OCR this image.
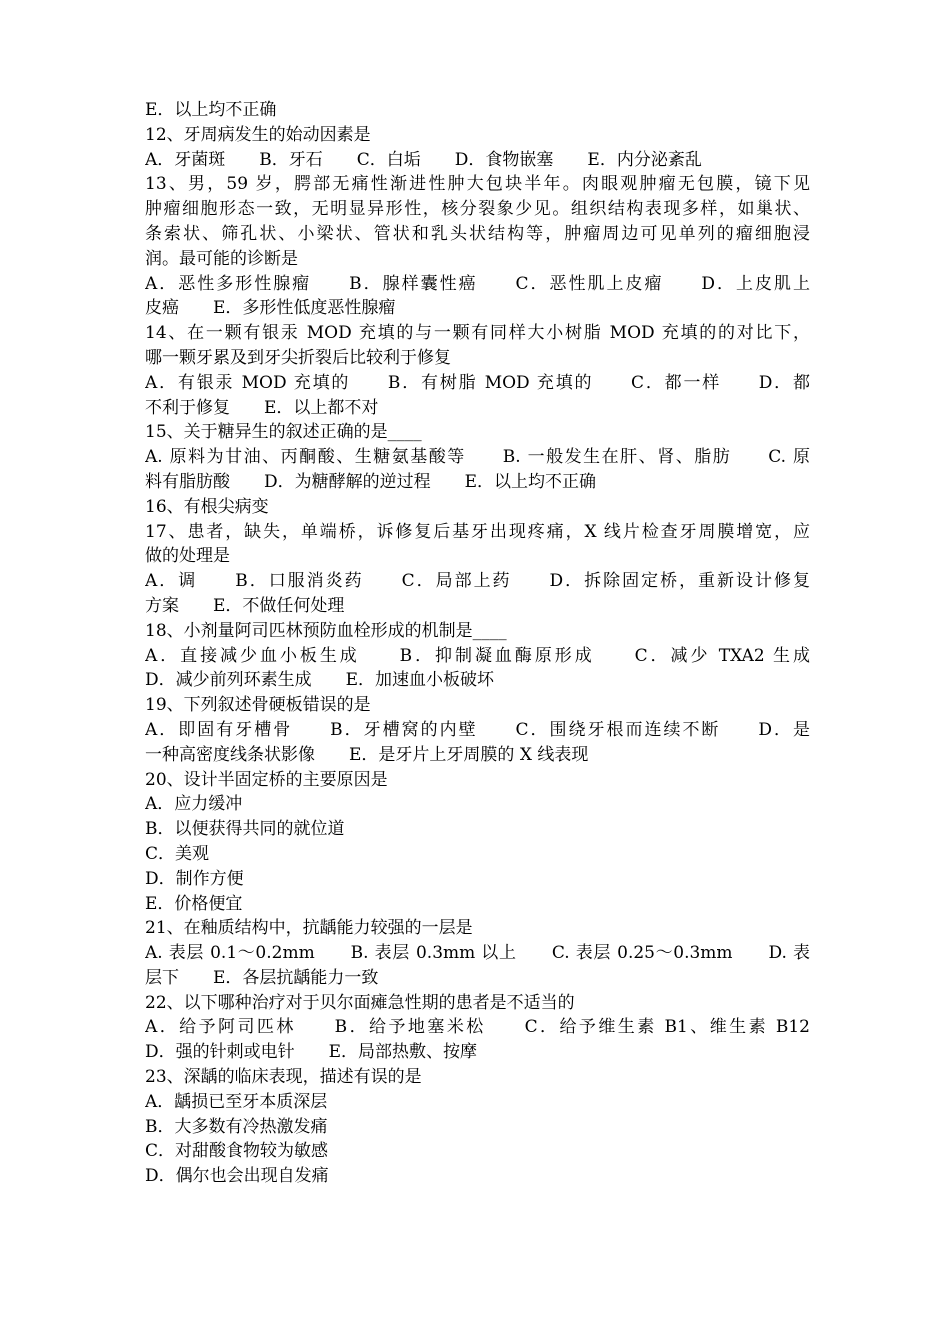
E．以上均不正确
12、牙周病发生的始动因素是
A．牙菌斑　　B．牙石　　C．白垢　　D．食物嵌塞　　E．内分泌紊乱
13、男，59 岁，腭部无痛性渐进性肿大包块半年。肉眼观肿瘤无包膜，镜下见
肿瘤细胞形态一致，无明显异形性，核分裂象少见。组织结构表现多样，如巢状、
条索状、筛孔状、小梁状、管状和乳头状结构等，肿瘤周边可见单列的瘤细胞浸
润。最可能的诊断是
A．恶性多形性腺瘤　　B．腺样囊性癌　　C．恶性肌上皮瘤　　D．上皮肌上
皮癌　　E．多形性低度恶性腺瘤
14、在一颗有银汞 MOD 充填的与一颗有同样大小树脂 MOD 充填的的对比下，
哪一颗牙累及到牙尖折裂后比较利于修复
A．有银汞 MOD 充填的　　B．有树脂 MOD 充填的　　C．都一样　　D．都
不利于修复　　E．以上都不对
15、关于糖异生的叙述正确的是____
A. 原料为甘油、丙酮酸、生糖氨基酸等　　B. 一般发生在肝、肾、脂肪　　C. 原
料有脂肪酸　　D．为糖酵解的逆过程　　E．以上均不正确
16、有根尖病变
17、患者，缺失，单端桥，诉修复后基牙出现疼痛，X 线片检查牙周膜增宽，应
做的处理是
A．调　　B．口服消炎药　　C．局部上药　　D．拆除固定桥，重新设计修复
方案　　E．不做任何处理
18、小剂量阿司匹林预防血栓形成的机制是____
A．直接减少血小板生成　　B．抑制凝血酶原形成　　C．减少 TXA2 生成
D．减少前列环素生成　　E．加速血小板破坏
19、下列叙述骨硬板错误的是
A．即固有牙槽骨　　B．牙槽窝的内壁　　C．围绕牙根而连续不断　　D．是
一种高密度线条状影像　　E．是牙片上牙周膜的 X 线表现
20、设计半固定桥的主要原因是
A．应力缓冲
B．以便获得共同的就位道
C．美观
D．制作方便
E．价格便宜
21、在釉质结构中，抗龋能力较强的一层是
A. 表层 0.1～0.2mm　　B. 表层 0.3mm 以上　　C. 表层 0.25～0.3mm　　D. 表
层下　　E．各层抗龋能力一致
22、以下哪种治疗对于贝尔面瘫急性期的患者是不适当的
A．给予阿司匹林　　B．给予地塞米松　　C．给予维生素 B1、维生素 B12
D．强的针刺或电针　　E．局部热敷、按摩
23、深龋的临床表现，描述有误的是
A．龋损已至牙本质深层
B．大多数有冷热激发痛
C．对甜酸食物较为敏感
D．偶尔也会出现自发痛
